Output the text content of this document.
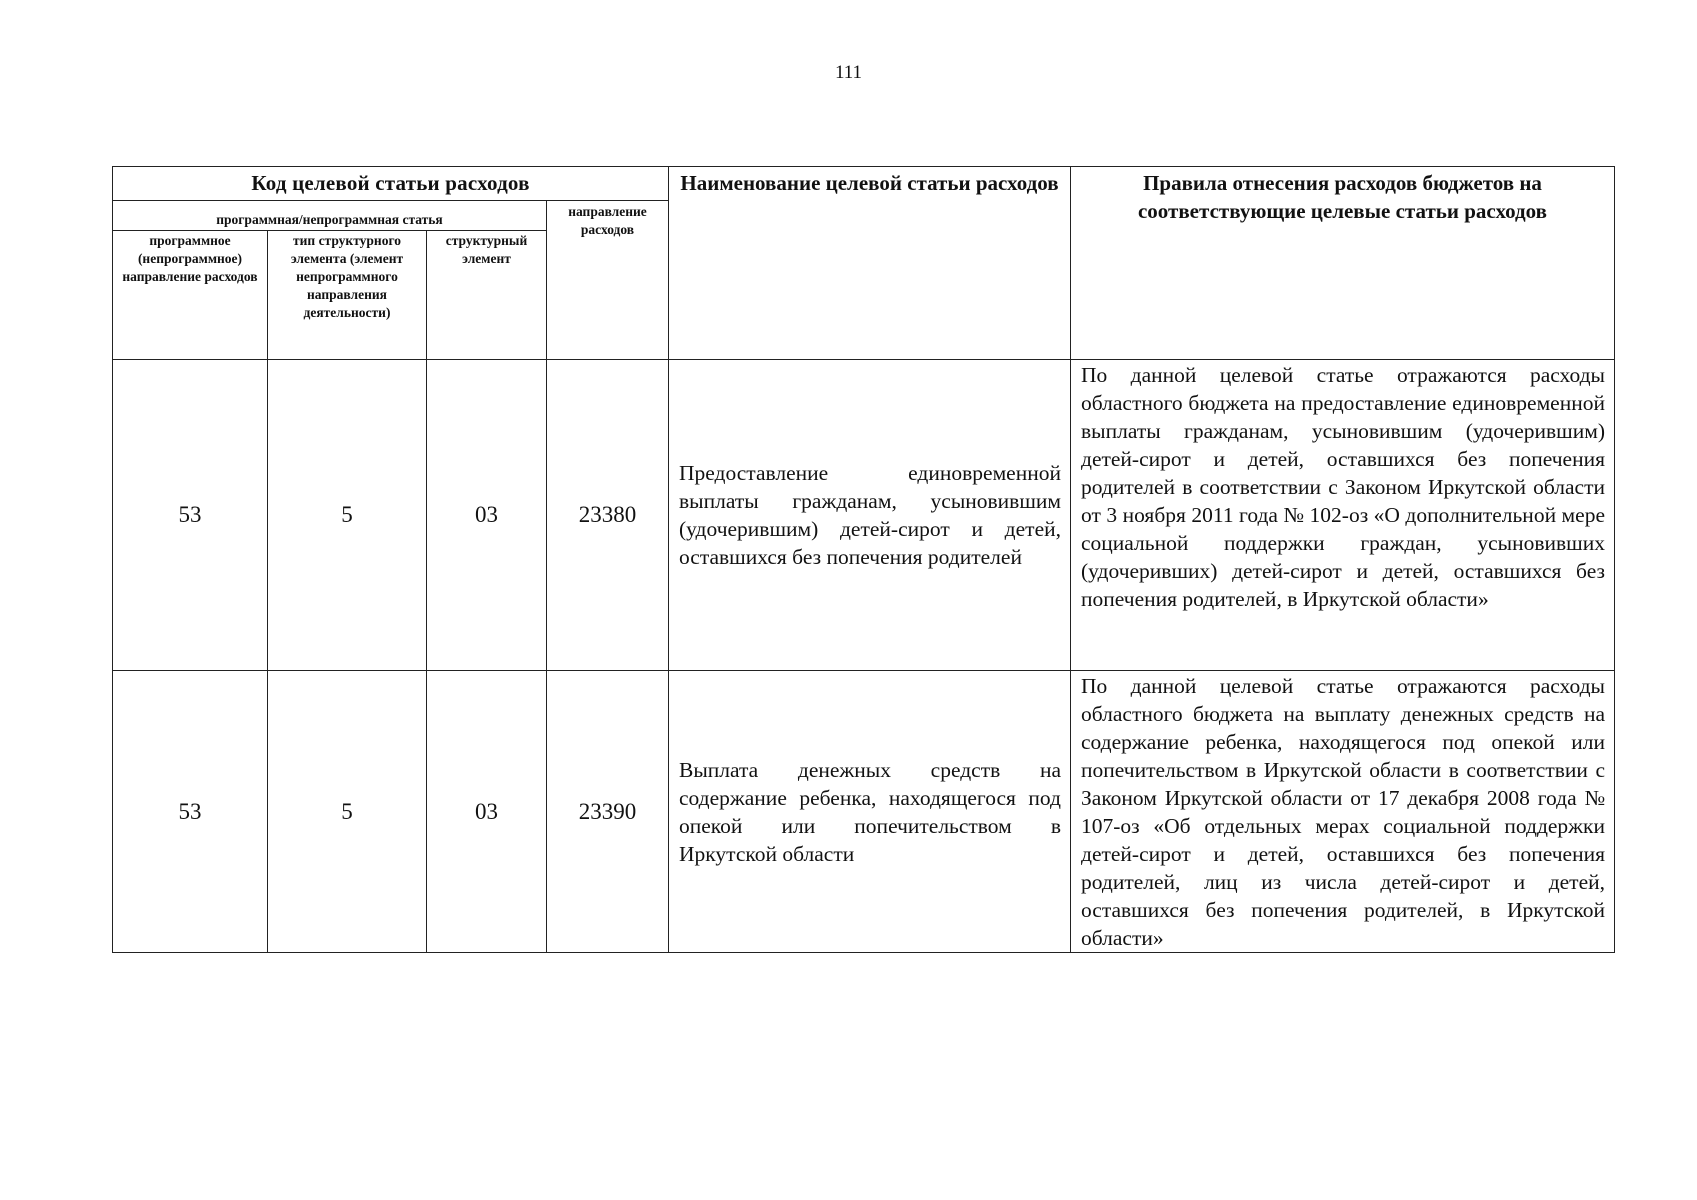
111
Код целевой статьи расходов				Наименование целевой статьи расходов	Правила отнесения расходов бюджетов на соответствующие целевые статьи расходов
программная/непрограммная статья			направление расходов		
программное (непрограммное) направление расходов	тип структурного элемента (элемент непрограммного направления деятельности)	структурный элемент			
53	5	03	23380	Предоставление единовременной выплаты гражданам, усыновившим (удочерившим) детей-сирот и детей, оставшихся без попечения родителей	По данной целевой статье отражаются расходы областного бюджета на предоставление единовременной выплаты гражданам, усыновившим (удочерившим) детей-сирот и детей, оставшихся без попечения родителей в соответствии с Законом Иркутской области от 3 ноября 2011 года № 102-оз «О дополнительной мере социальной поддержки граждан, усыновивших (удочеривших) детей-сирот и детей, оставшихся без попечения родителей, в Иркутской области»
53	5	03	23390	Выплата денежных средств на содержание ребенка, находящегося под опекой или попечительством в Иркутской области	По данной целевой статье отражаются расходы областного бюджета на выплату денежных средств на содержание ребенка, находящегося под опекой или попечительством в Иркутской области в соответствии с Законом Иркутской области от 17 декабря 2008 года № 107-оз «Об отдельных мерах социальной поддержки детей-сирот и детей, оставшихся без попечения родителей, лиц из числа детей-сирот и детей, оставшихся без попечения родителей, в Иркутской области»
